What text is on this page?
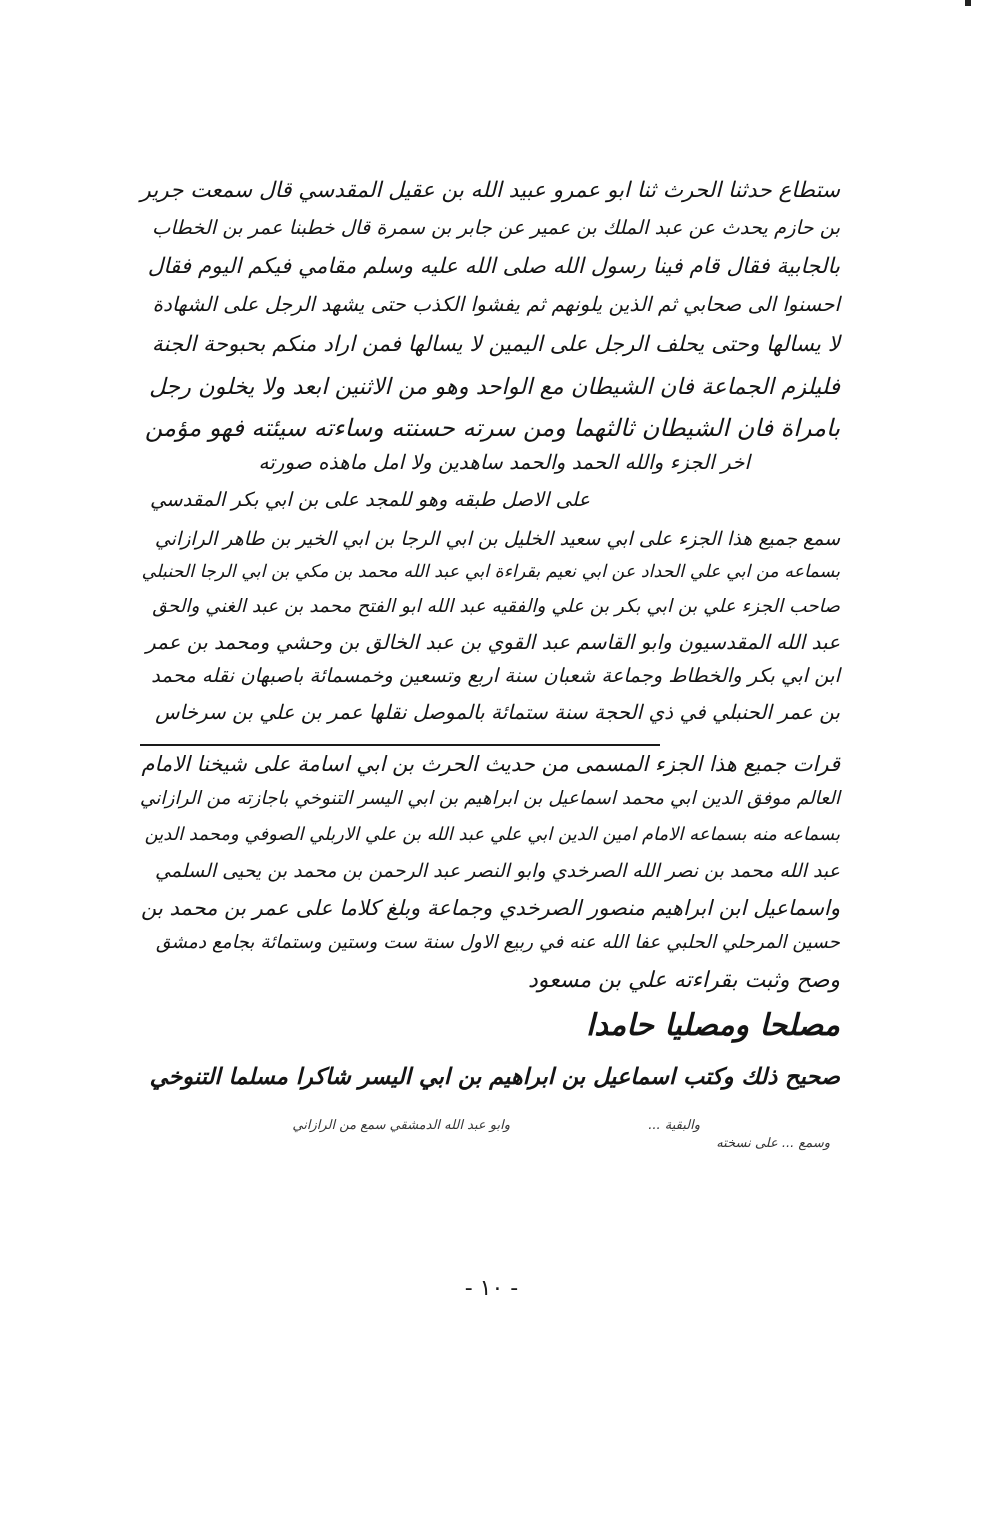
ستطاع حدثنا الحرث ثنا ابو عمرو عبيد الله بن عقيل المقدسي قال سمعت جرير
بن حازم يحدث عن عبد الملك بن عمير عن جابر بن سمرة قال خطبنا عمر بن الخطاب
بالجابية فقال قام فينا رسول الله صلى الله عليه وسلم مقامي فيكم اليوم فقال
احسنوا الى صحابي ثم الذين يلونهم ثم يفشوا الكذب حتى يشهد الرجل على الشهادة
لا يسالها وحتى يحلف الرجل على اليمين لا يسالها فمن اراد منكم بحبوحة الجنة
فليلزم الجماعة فان الشيطان مع الواحد وهو من الاثنين ابعد ولا يخلون رجل
بامراة فان الشيطان ثالثهما ومن سرته حسنته وساءته سيئته فهو مؤمن
اخر الجزء والله الحمد والحمد ساهدين ولا امل ماهذه صورته
على الاصل طبقه وهو للمجد على بن ابي بكر المقدسي
سمع جميع هذا الجزء على ابي سعيد الخليل بن ابي الرجا بن ابي الخير بن طاهر الرازاني
بسماعه من ابي علي الحداد عن ابي نعيم بقراءة ابي عبد الله محمد بن مكي بن ابي الرجا الحنبلي
صاحب الجزء علي بن ابي بكر بن علي والفقيه عبد الله ابو الفتح محمد بن عبد الغني والحق
عبد الله المقدسيون وابو القاسم عبد القوي بن عبد الخالق بن وحشي ومحمد بن عمر
ابن ابي بكر والخطاط وجماعة شعبان سنة اربع وتسعين وخمسمائة باصبهان نقله محمد
بن عمر الحنبلي في ذي الحجة سنة ستمائة بالموصل نقلها عمر بن علي بن سرخاس
قرات جميع هذا الجزء المسمى من حديث الحرث بن ابي اسامة على شيخنا الامام
العالم موفق الدين ابي محمد اسماعيل بن ابراهيم بن ابي اليسر التنوخي باجازته من الرازاني
بسماعه منه بسماعه الامام امين الدين ابي علي عبد الله بن علي الاربلي الصوفي ومحمد الدين
عبد الله محمد بن نصر الله الصرخدي وابو النصر عبد الرحمن بن محمد بن يحيى السلمي
واسماعيل ابن ابراهيم منصور الصرخدي وجماعة وبلغ كلاما على عمر بن محمد بن
حسين المرحلي الحلبي عفا الله عنه في ربيع الاول سنة ست وستين وستمائة بجامع دمشق
وصح وثبت بقراءته علي بن مسعود
مصلحا ومصليا حامدا
صحيح ذلك وكتب اسماعيل بن ابراهيم بن ابي اليسر شاكرا مسلما التنوخي
وابو عبد الله الدمشقي سمع من الرازاني	والبقية ...
وسمع ... على نسخته
- ١٠ -
